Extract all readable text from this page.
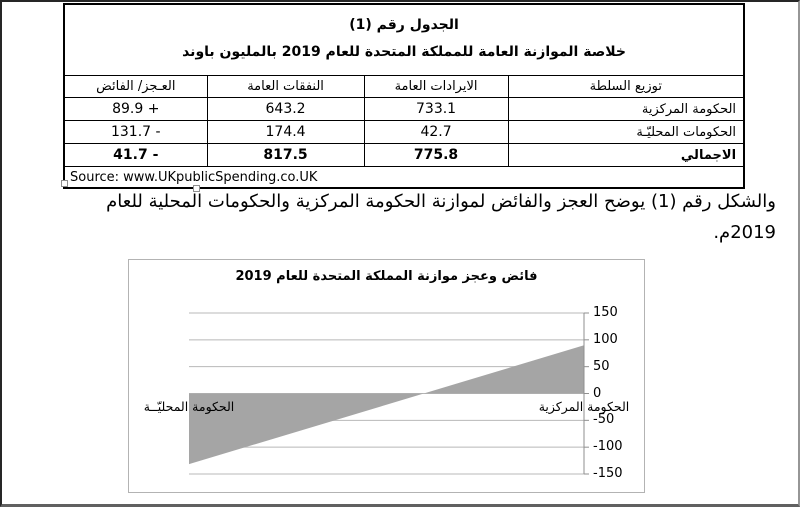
الجدول رقم (1)
خلاصة الموازنة العامة للمملكة المتحدة للعام 2019 بالمليون باوند			

توزيع السلطة	الايرادات العامة	النفقات العامة	العـجز/ الفائض
الحكومة المركزية	733.1	643.2	89.9 +
الحكومات المحليّـة	42.7	174.4	131.7 -
الاجمالي	775.8	817.5	41.7 -
Source: www.UKpublicSpending.co.UK			
والشكل رقم (1) يوضح العجز والفائض لموازنة الحكومة المركزية والحكومات المحلية للعام
2019م.
فائض وعجز موازنة المملكة المتحدة للعام 2019
150
100
50
0
-50
-100
-150
الحكومة المركزية
الحكومة المحليّــة
